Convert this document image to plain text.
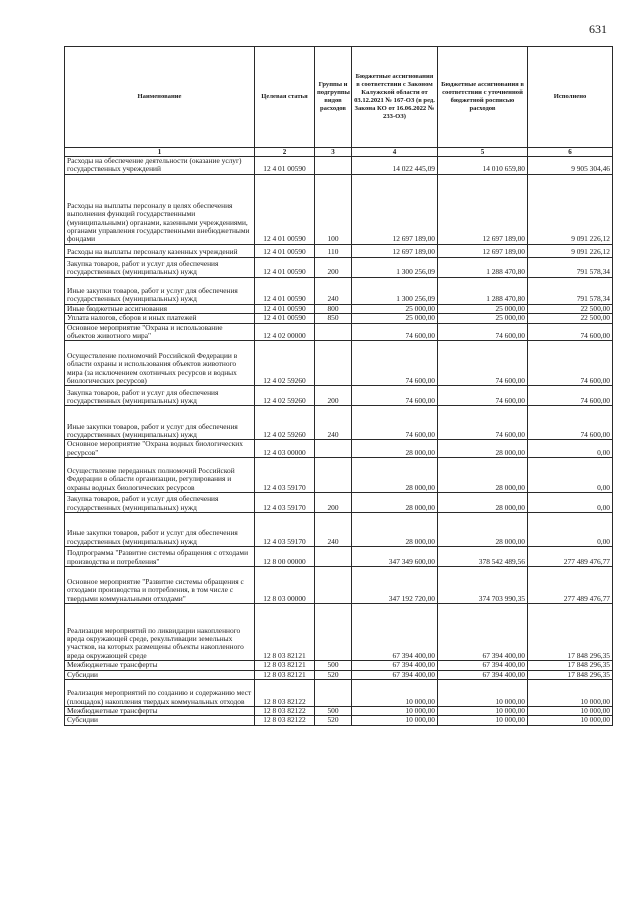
631
Наименование	Целевая статья	Группы и подгруппы видов расходов	Бюджетные ассигнования в соответствии с Законом Калужской области от 03.12.2021 № 167-ОЗ (в ред. Закона КО от 16.06.2022 № 233-ОЗ)	Бюджетные ассигнования в соответствии с уточненной бюджетной росписью расходов	Исполнено
1	2	3	4	5	6
Расходы на обеспечение деятельности (оказание услуг) государственных учреждений	12 4 01 00590		14 022 445,09	14 010 659,80	9 905 304,46
Расходы на выплаты персоналу в целях обеспечения выполнения функций государственными (муниципальными) органами, казенными учреждениями, органами управления государственными внебюджетными фондами	12 4 01 00590	100	12 697 189,00	12 697 189,00	9 091 226,12
Расходы на выплаты персоналу казенных учреждений	12 4 01 00590	110	12 697 189,00	12 697 189,00	9 091 226,12
Закупка товаров, работ и услуг для обеспечения государственных (муниципальных) нужд	12 4 01 00590	200	1 300 256,09	1 288 470,80	791 578,34
Иные закупки товаров, работ и услуг для обеспечения государственных (муниципальных) нужд	12 4 01 00590	240	1 300 256,09	1 288 470,80	791 578,34
Иные бюджетные ассигнования	12 4 01 00590	800	25 000,00	25 000,00	22 500,00
Уплата налогов, сборов и иных платежей	12 4 01 00590	850	25 000,00	25 000,00	22 500,00
Основное мероприятие "Охрана и использование объектов животного мира"	12 4 02 00000		74 600,00	74 600,00	74 600,00
Осуществление полномочий Российской Федерации в области охраны и использования объектов животного мира (за исключением охотничьих ресурсов и водных биологических ресурсов)	12 4 02 59260		74 600,00	74 600,00	74 600,00
Закупка товаров, работ и услуг для обеспечения государственных (муниципальных) нужд	12 4 02 59260	200	74 600,00	74 600,00	74 600,00
Иные закупки товаров, работ и услуг для обеспечения государственных (муниципальных) нужд	12 4 02 59260	240	74 600,00	74 600,00	74 600,00
Основное мероприятие "Охрана водных биологических ресурсов"	12 4 03 00000		28 000,00	28 000,00	0,00
Осуществление переданных полномочий Российской Федерации в области организации, регулирования и охраны водных биологических ресурсов	12 4 03 59170		28 000,00	28 000,00	0,00
Закупка товаров, работ и услуг для обеспечения государственных (муниципальных) нужд	12 4 03 59170	200	28 000,00	28 000,00	0,00
Иные закупки товаров, работ и услуг для обеспечения государственных (муниципальных) нужд	12 4 03 59170	240	28 000,00	28 000,00	0,00
Подпрограмма "Развитие системы обращения с отходами производства и потребления"	12 8 00 00000		347 349 600,00	378 542 489,56	277 489 476,77
Основное мероприятие "Развитие системы обращения с отходами производства и потребления, в том числе с твердыми коммунальными отходами"	12 8 03 00000		347 192 720,00	374 703 990,35	277 489 476,77
Реализация мероприятий по ликвидации накопленного вреда окружающей среде, рекультивации земельных участков, на которых размещены объекты накопленного вреда окружающей среде	12 8 03 82121		67 394 400,00	67 394 400,00	17 848 296,35
Межбюджетные трансферты	12 8 03 82121	500	67 394 400,00	67 394 400,00	17 848 296,35
Субсидии	12 8 03 82121	520	67 394 400,00	67 394 400,00	17 848 296,35
Реализация мероприятий по созданию и содержанию мест (площадок) накопления твердых коммунальных отходов	12 8 03 82122		10 000,00	10 000,00	10 000,00
Межбюджетные трансферты	12 8 03 82122	500	10 000,00	10 000,00	10 000,00
Субсидии	12 8 03 82122	520	10 000,00	10 000,00	10 000,00
